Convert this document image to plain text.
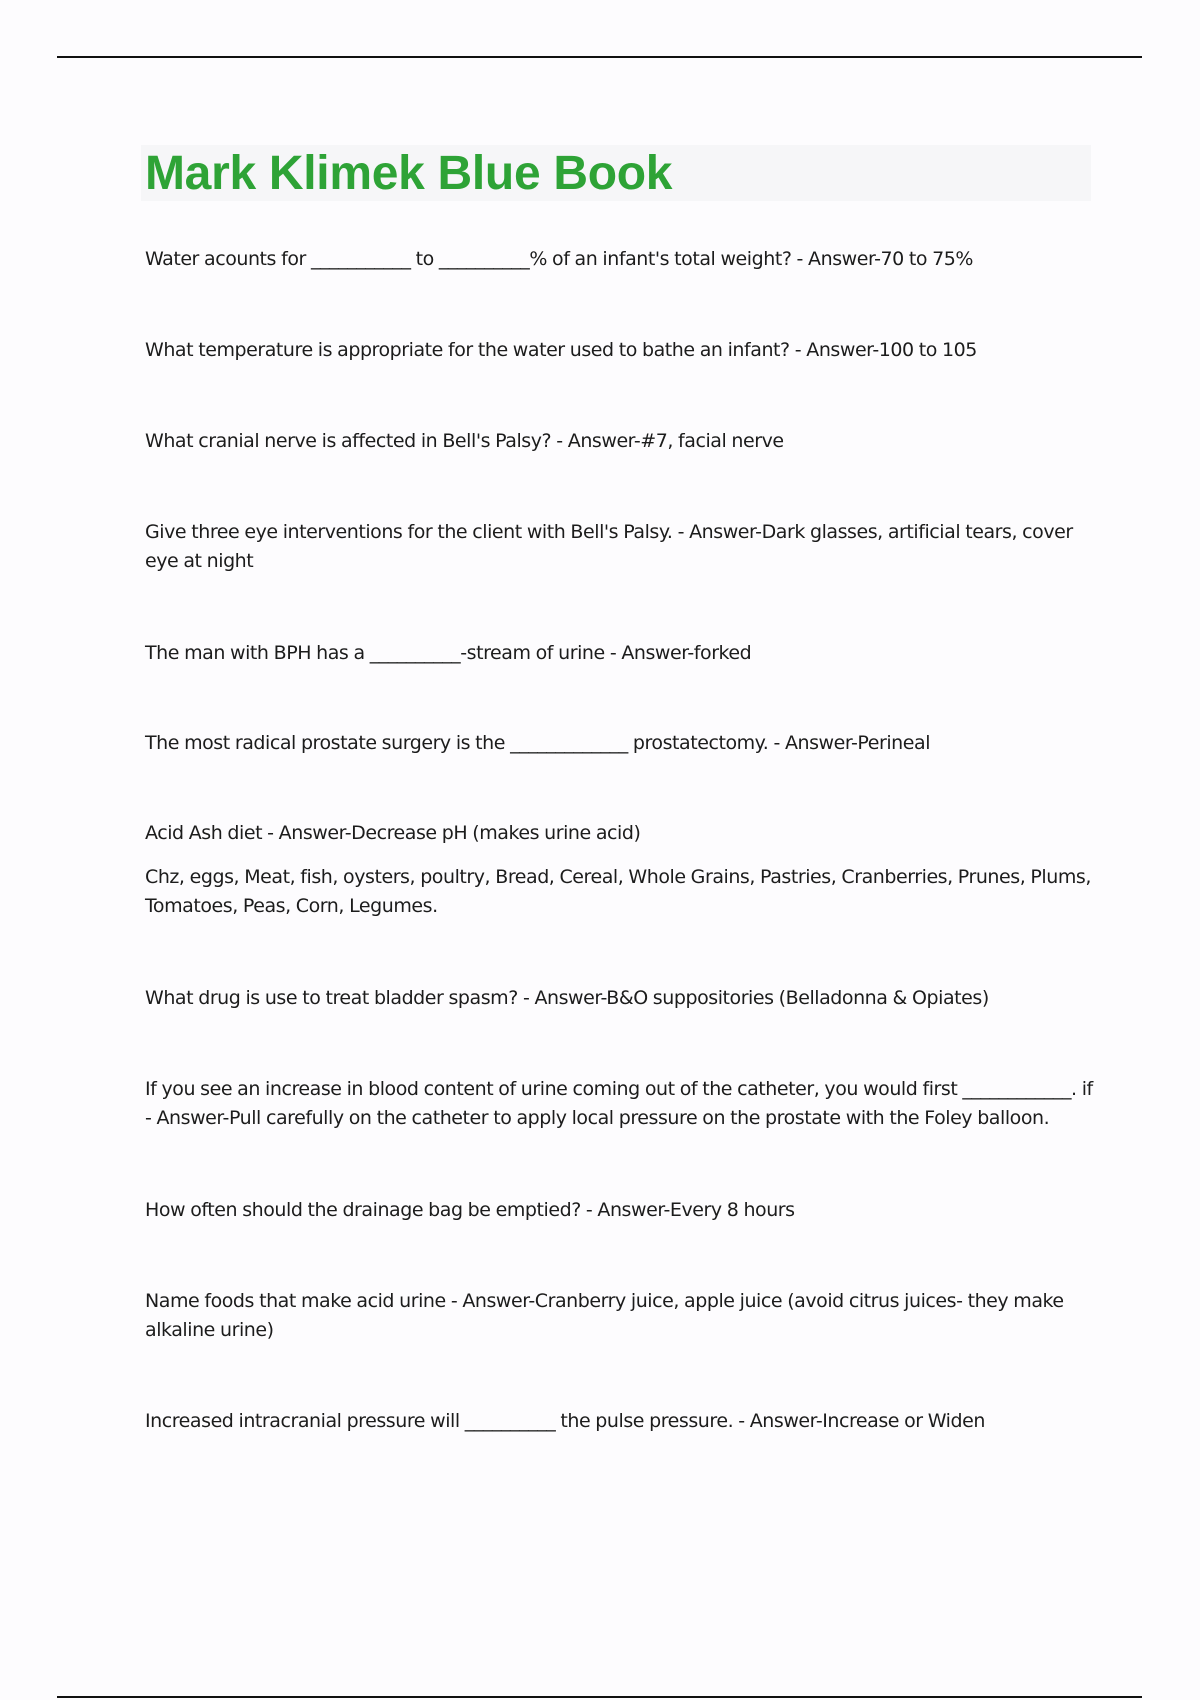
Mark Klimek Blue Book

Water acounts for ___________ to __________% of an infant's total weight? - Answer-70 to 75%

What temperature is appropriate for the water used to bathe an infant? - Answer-100 to 105

What cranial nerve is affected in Bell's Palsy? - Answer-#7, facial nerve

Give three eye interventions for the client with Bell's Palsy. - Answer-Dark glasses, artificial tears, cover eye at night

The man with BPH has a __________-stream of urine - Answer-forked

The most radical prostate surgery is the _____________ prostatectomy. - Answer-Perineal

Acid Ash diet - Answer-Decrease pH (makes urine acid)

Chz, eggs, Meat, fish, oysters, poultry, Bread, Cereal, Whole Grains, Pastries, Cranberries, Prunes, Plums, Tomatoes, Peas, Corn, Legumes.

What drug is use to treat bladder spasm? - Answer-B&O suppositories (Belladonna & Opiates)

If you see an increase in blood content of urine coming out of the catheter, you would first ____________. if - Answer-Pull carefully on the catheter to apply local pressure on the prostate with the Foley balloon.

How often should the drainage bag be emptied? - Answer-Every 8 hours

Name foods that make acid urine - Answer-Cranberry juice, apple juice (avoid citrus juices- they make alkaline urine)

Increased intracranial pressure will __________ the pulse pressure. - Answer-Increase or Widen
